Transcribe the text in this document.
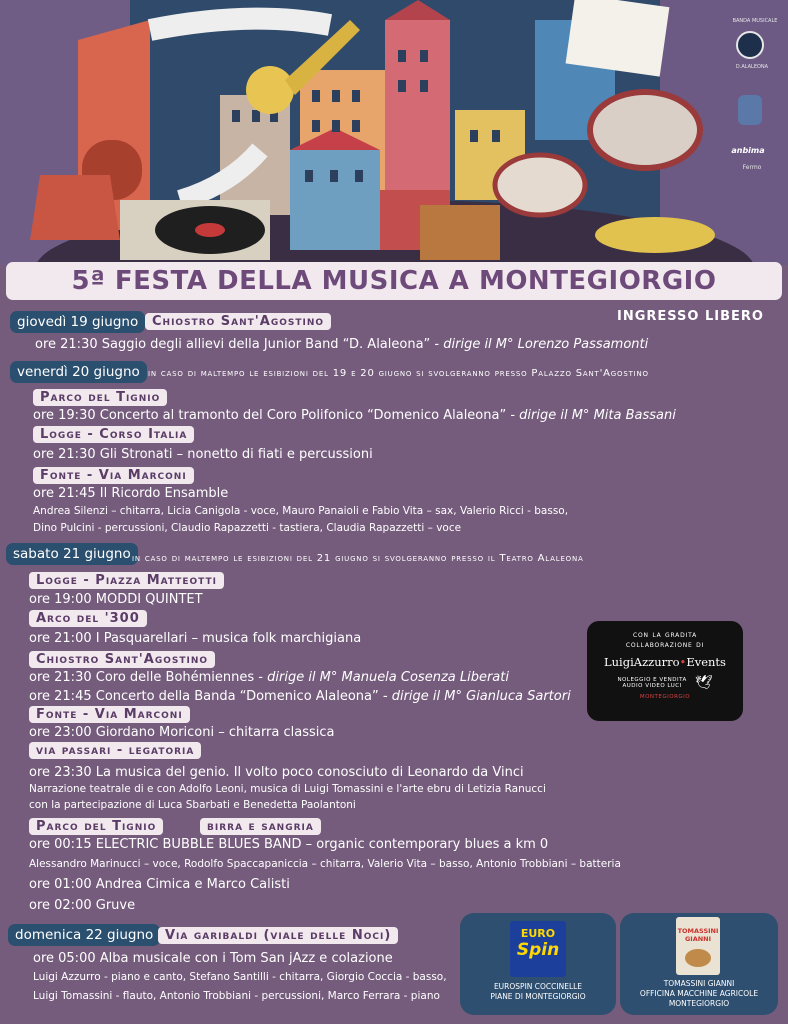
BANDA MUSICALE
D.ALALEONA
anbima
Fermo
5ª FESTA DELLA MUSICA A MONTEGIORGIO
INGRESSO LIBERO
giovedì 19 giugno	Chiostro Sant'Agostino
ore 21:30 Saggio degli allievi della Junior Band “D. Alaleona” - dirige il M° Lorenzo Passamonti
venerdì 20 giugno in caso di maltempo le esibizioni del 19 e 20 giugno si svolgeranno presso Palazzo Sant'Agostino
Parco del Tignio
ore 19:30 Concerto al tramonto del Coro Polifonico “Domenico Alaleona” - dirige il M° Mita Bassani
Logge - Corso Italia
ore 21:30 Gli Stronati – nonetto di fiati e percussioni
Fonte - Via Marconi
ore 21:45 Il Ricordo Ensamble
Andrea Silenzi – chitarra, Licia Canigola - voce, Mauro Panaioli e Fabio Vita – sax, Valerio Ricci - basso,
Dino Pulcini - percussioni, Claudio Rapazzetti - tastiera, Claudia Rapazzetti – voce
sabato 21 giugno in caso di maltempo le esibizioni del 21 giugno si svolgeranno presso il Teatro Alaleona
Logge - Piazza Matteotti
ore 19:00 MODDI QUINTET
Arco del '300
ore 21:00 I Pasquarellari – musica folk marchigiana
Chiostro Sant'Agostino
ore 21:30 Coro delle Bohémiennes - dirige il M° Manuela Cosenza Liberati
ore 21:45 Concerto della Banda “Domenico Alaleona” - dirige il M° Gianluca Sartori
Fonte - Via Marconi
ore 23:00 Giordano Moriconi – chitarra classica
via passari - legatoria
ore 23:30 La musica del genio. Il volto poco conosciuto di Leonardo da Vinci
Narrazione teatrale di e con Adolfo Leoni, musica di Luigi Tomassini e l'arte ebru di Letizia Ranucci
con la partecipazione di Luca Sbarbati e Benedetta Paolantoni
Parco del Tignio	birra e sangria
ore 00:15 ELECTRIC BUBBLE BLUES BAND – organic contemporary blues a km 0
Alessandro Marinucci – voce, Rodolfo Spaccapaniccia – chitarra, Valerio Vita – basso, Antonio Trobbiani – batteria
ore 01:00 Andrea Cimica e Marco Calisti
ore 02:00 Gruve
domenica 22 giugno Via garibaldi (viale delle Noci)
ore 05:00 Alba musicale con i Tom San jAzz e colazione
Luigi Azzurro - piano e canto, Stefano Santilli - chitarra, Giorgio Coccia - basso,
Luigi Tomassini - flauto, Antonio Trobbiani - percussioni, Marco Ferrara - piano
con la gradita
collaborazione di
LuigiAzzurro•Events
NOLEGGIO E VENDITA
AUDIO VIDEO LUCI 🕊
MONTEGIORGIO
EURO
Spin
EUROSPIN COCCINELLE
PIANE DI MONTEGIORGIO
TOMASSINI GIANNI
TOMASSINI GIANNI
OFFICINA MACCHINE AGRICOLE
MONTEGIORGIO
